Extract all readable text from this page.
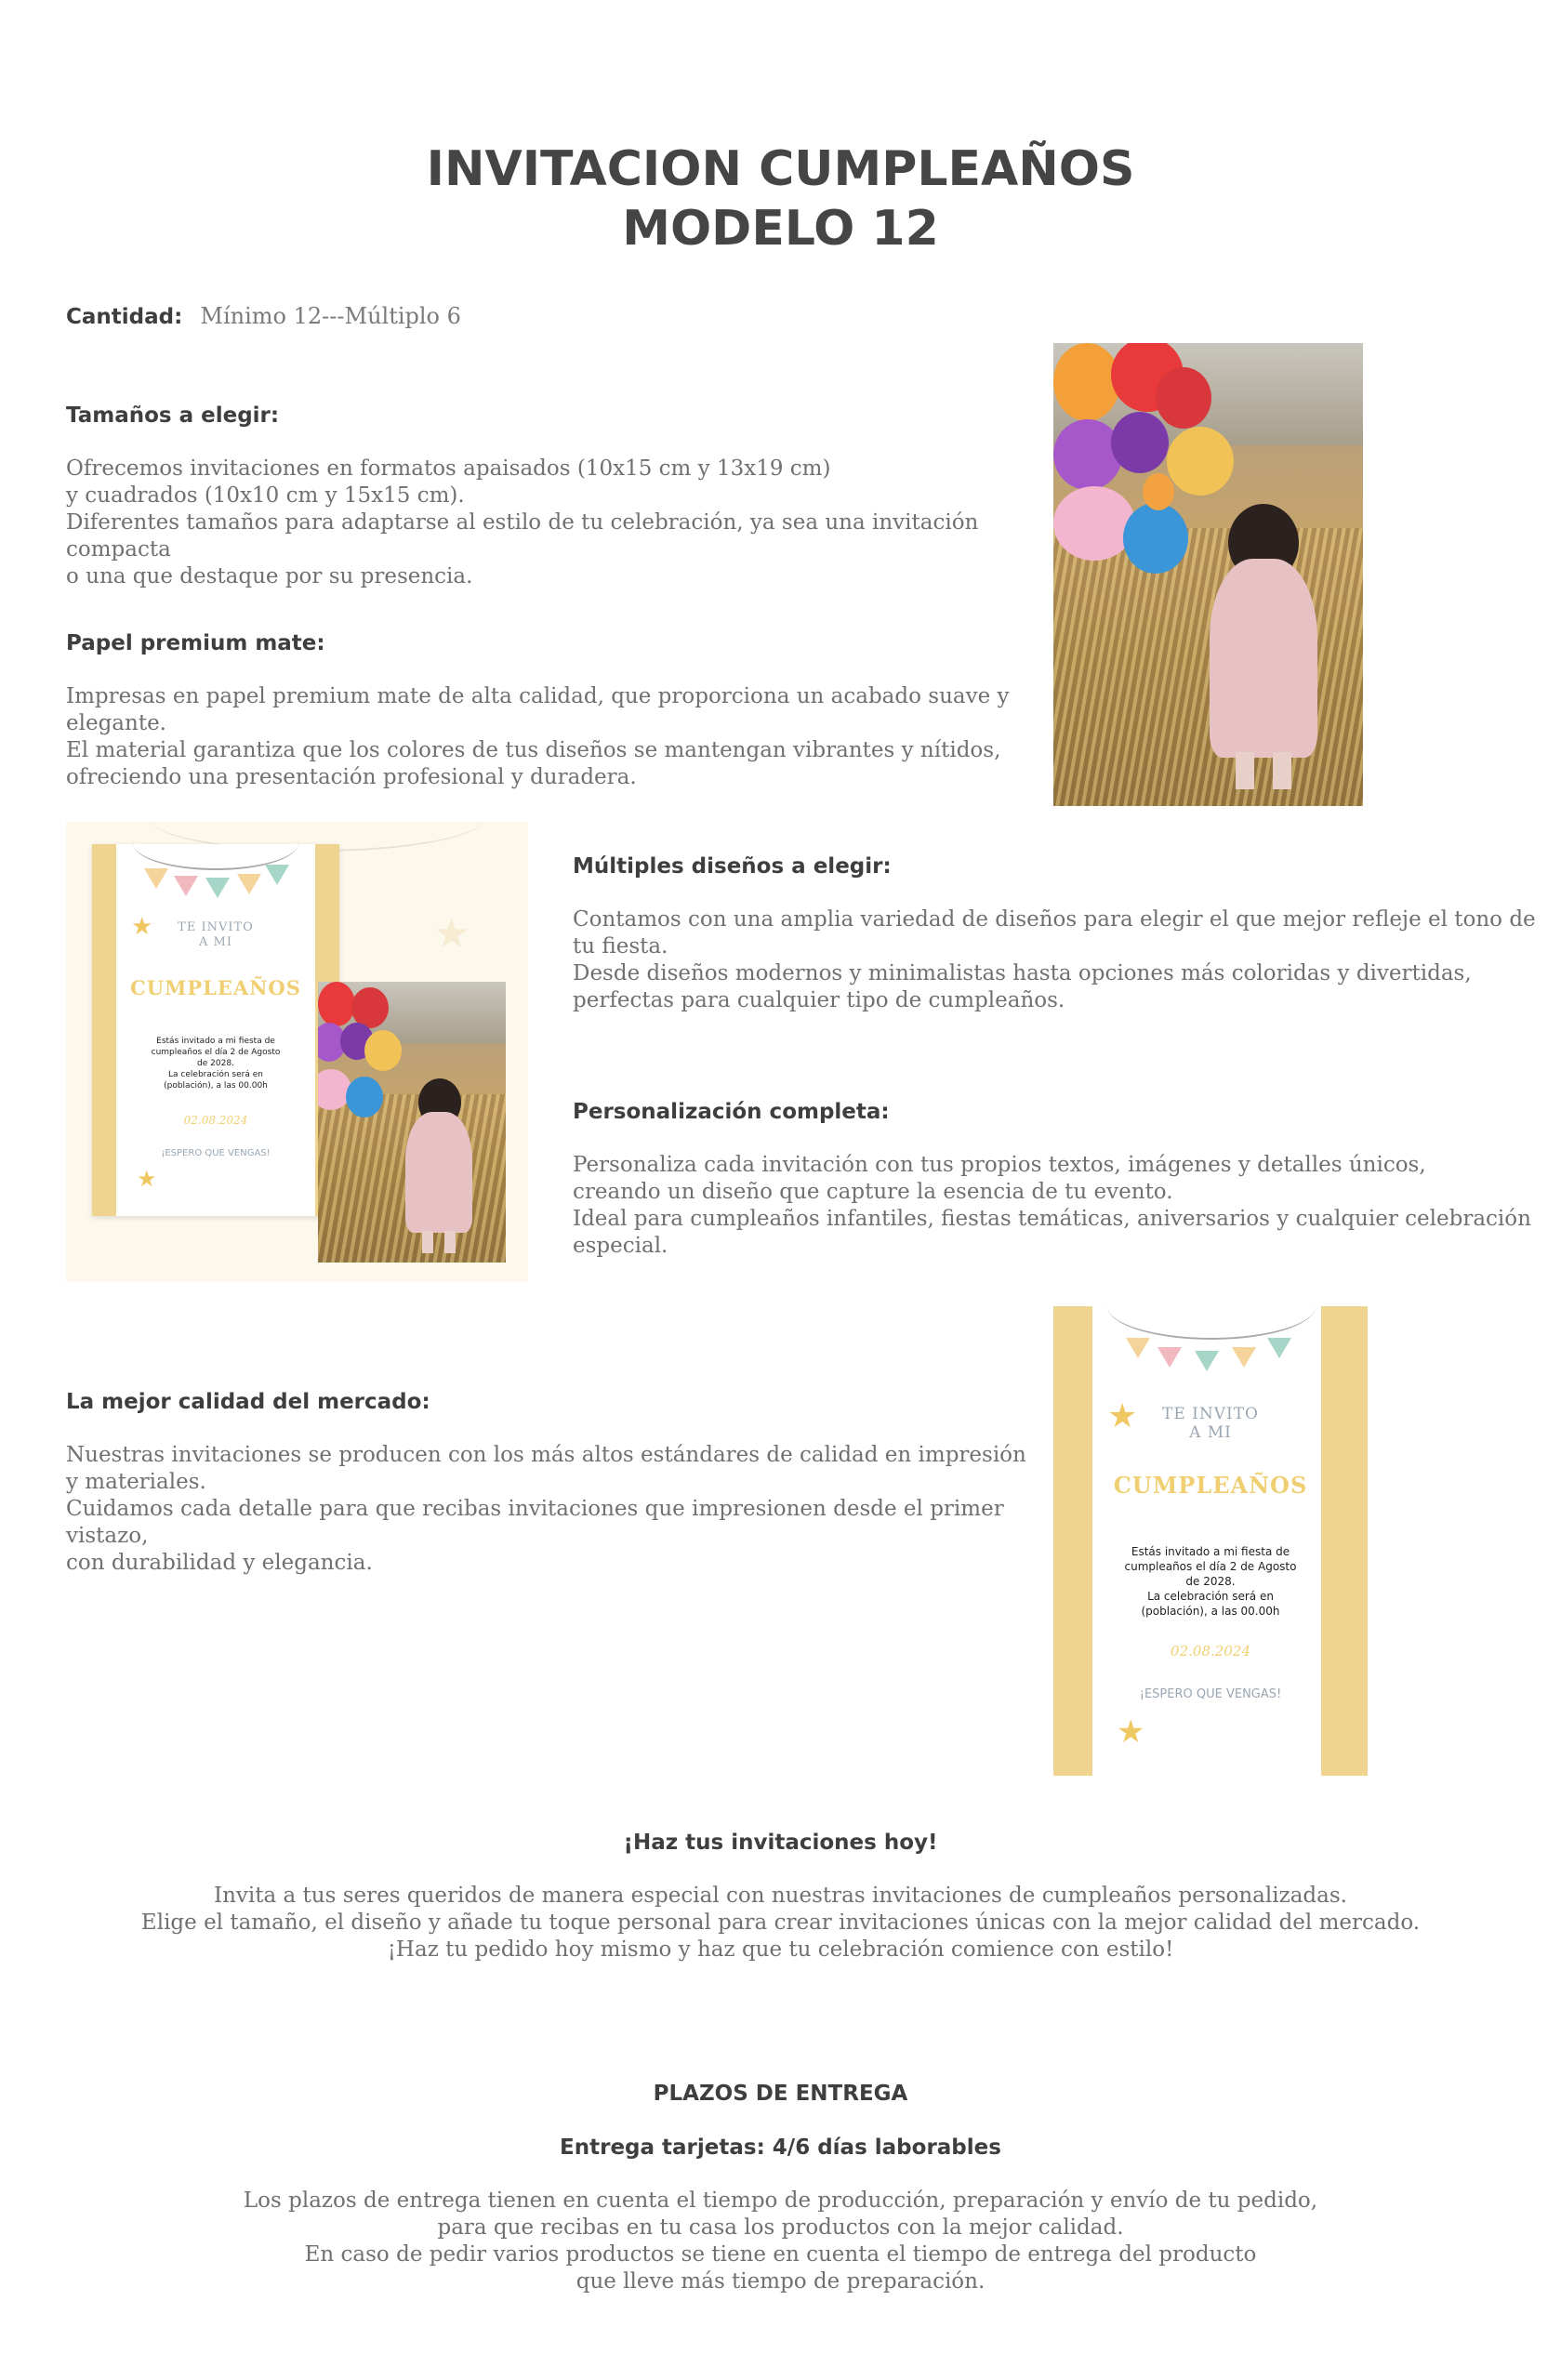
INVITACION CUMPLEAÑOS
MODELO 12
Cantidad: Mínimo 12---Múltiplo 6
Tamaños a elegir:
Ofrecemos invitaciones en formatos apaisados (10x15 cm y 13x19 cm)
y cuadrados (10x10 cm y 15x15 cm).
Diferentes tamaños para adaptarse al estilo de tu celebración, ya sea una invitación compacta
o una que destaque por su presencia.
Papel premium mate:
Impresas en papel premium mate de alta calidad, que proporciona un acabado suave y elegante.
El material garantiza que los colores de tus diseños se mantengan vibrantes y nítidos,
ofreciendo una presentación profesional y duradera.
★
★	TE INVITO
A MI
CUMPLEAÑOS
Estás invitado a mi fiesta de
cumpleaños el día 2 de Agosto
de 2028.
La celebración será en
(población), a las 00.00h
02.08.2024
¡ESPERO QUE VENGAS!
★
Múltiples diseños a elegir:
Contamos con una amplia variedad de diseños para elegir el que mejor refleje el tono de tu fiesta.
Desde diseños modernos y minimalistas hasta opciones más coloridas y divertidas,
perfectas para cualquier tipo de cumpleaños.
Personalización completa:
Personaliza cada invitación con tus propios textos, imágenes y detalles únicos,
creando un diseño que capture la esencia de tu evento.
Ideal para cumpleaños infantiles, fiestas temáticas, aniversarios y cualquier celebración especial.
La mejor calidad del mercado:
Nuestras invitaciones se producen con los más altos estándares de calidad en impresión
y materiales.
Cuidamos cada detalle para que recibas invitaciones que impresionen desde el primer vistazo,
con durabilidad y elegancia.
★	TE INVITO
A MI
CUMPLEAÑOS
Estás invitado a mi fiesta de
cumpleaños el día 2 de Agosto
de 2028.
La celebración será en
(población), a las 00.00h
02.08.2024
¡ESPERO QUE VENGAS!
★
¡Haz tus invitaciones hoy!
Invita a tus seres queridos de manera especial con nuestras invitaciones de cumpleaños personalizadas.
Elige el tamaño, el diseño y añade tu toque personal para crear invitaciones únicas con la mejor calidad del mercado.
¡Haz tu pedido hoy mismo y haz que tu celebración comience con estilo!
PLAZOS DE ENTREGA
Entrega tarjetas: 4/6 días laborables
Los plazos de entrega tienen en cuenta el tiempo de producción, preparación y envío de tu pedido,
para que recibas en tu casa los productos con la mejor calidad.
En caso de pedir varios productos se tiene en cuenta el tiempo de entrega del producto
que lleve más tiempo de preparación.
